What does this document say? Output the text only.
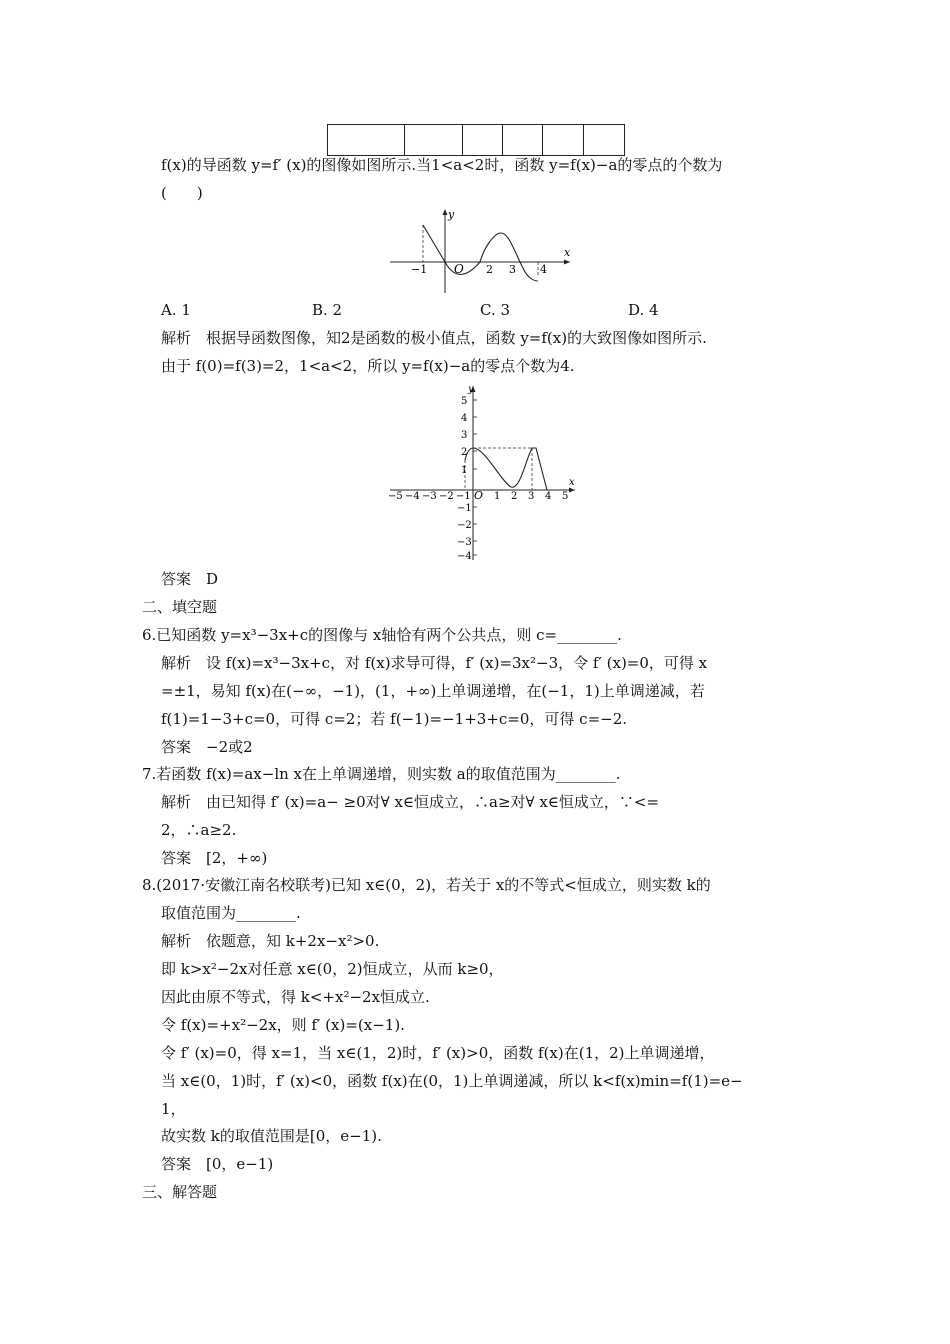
f(x)的导函数 y=f′ (x)的图像如图所示.当1<a<2时，函数 y=f(x)−a的零点的个数为
(　　)
y
x
O
−1	2 3 4
A. 1	B. 2	C. 3	D. 4
解析　根据导函数图像，知2是函数的极小值点，函数 y=f(x)的大致图像如图所示.
由于 f(0)=f(3)=2，1<a<2，所以 y=f(x)−a的零点个数为4.
y
x
O
−5 −4 −3 −2 −1 1 2 3 4 5
5
4
3
2
1
−1
−2
−3
−4
答案　D
二、填空题
6.已知函数 y=x³−3x+c的图像与 x轴恰有两个公共点，则 c=________.
解析　设 f(x)=x³−3x+c，对 f(x)求导可得，f′ (x)=3x²−3，令 f′ (x)=0，可得 x
=±1，易知 f(x)在(−∞，−1)，(1，+∞)上单调递增，在(−1，1)上单调递减，若
f(1)=1−3+c=0，可得 c=2；若 f(−1)=−1+3+c=0，可得 c=−2.
答案　−2或2
7.若函数 f(x)=ax−ln x在上单调递增，则实数 a的取值范围为________.
解析　由已知得 f′ (x)=a− ≥0对∀ x∈恒成立，∴a≥对∀ x∈恒成立，∵<=
2，∴a≥2.
答案　[2，+∞)
8.(2017·安徽江南名校联考)已知 x∈(0，2)，若关于 x的不等式<恒成立，则实数 k的
取值范围为________.
解析　依题意，知 k+2x−x²>0.
即 k>x²−2x对任意 x∈(0，2)恒成立，从而 k≥0，
因此由原不等式，得 k<+x²−2x恒成立.
令 f(x)=+x²−2x，则 f′ (x)=(x−1).
令 f′ (x)=0，得 x=1，当 x∈(1，2)时，f′ (x)>0，函数 f(x)在(1，2)上单调递增，
当 x∈(0，1)时，f′ (x)<0，函数 f(x)在(0，1)上单调递减，所以 k<f(x)min=f(1)=e−
1，
故实数 k的取值范围是[0，e−1).
答案　[0，e−1)
三、解答题
